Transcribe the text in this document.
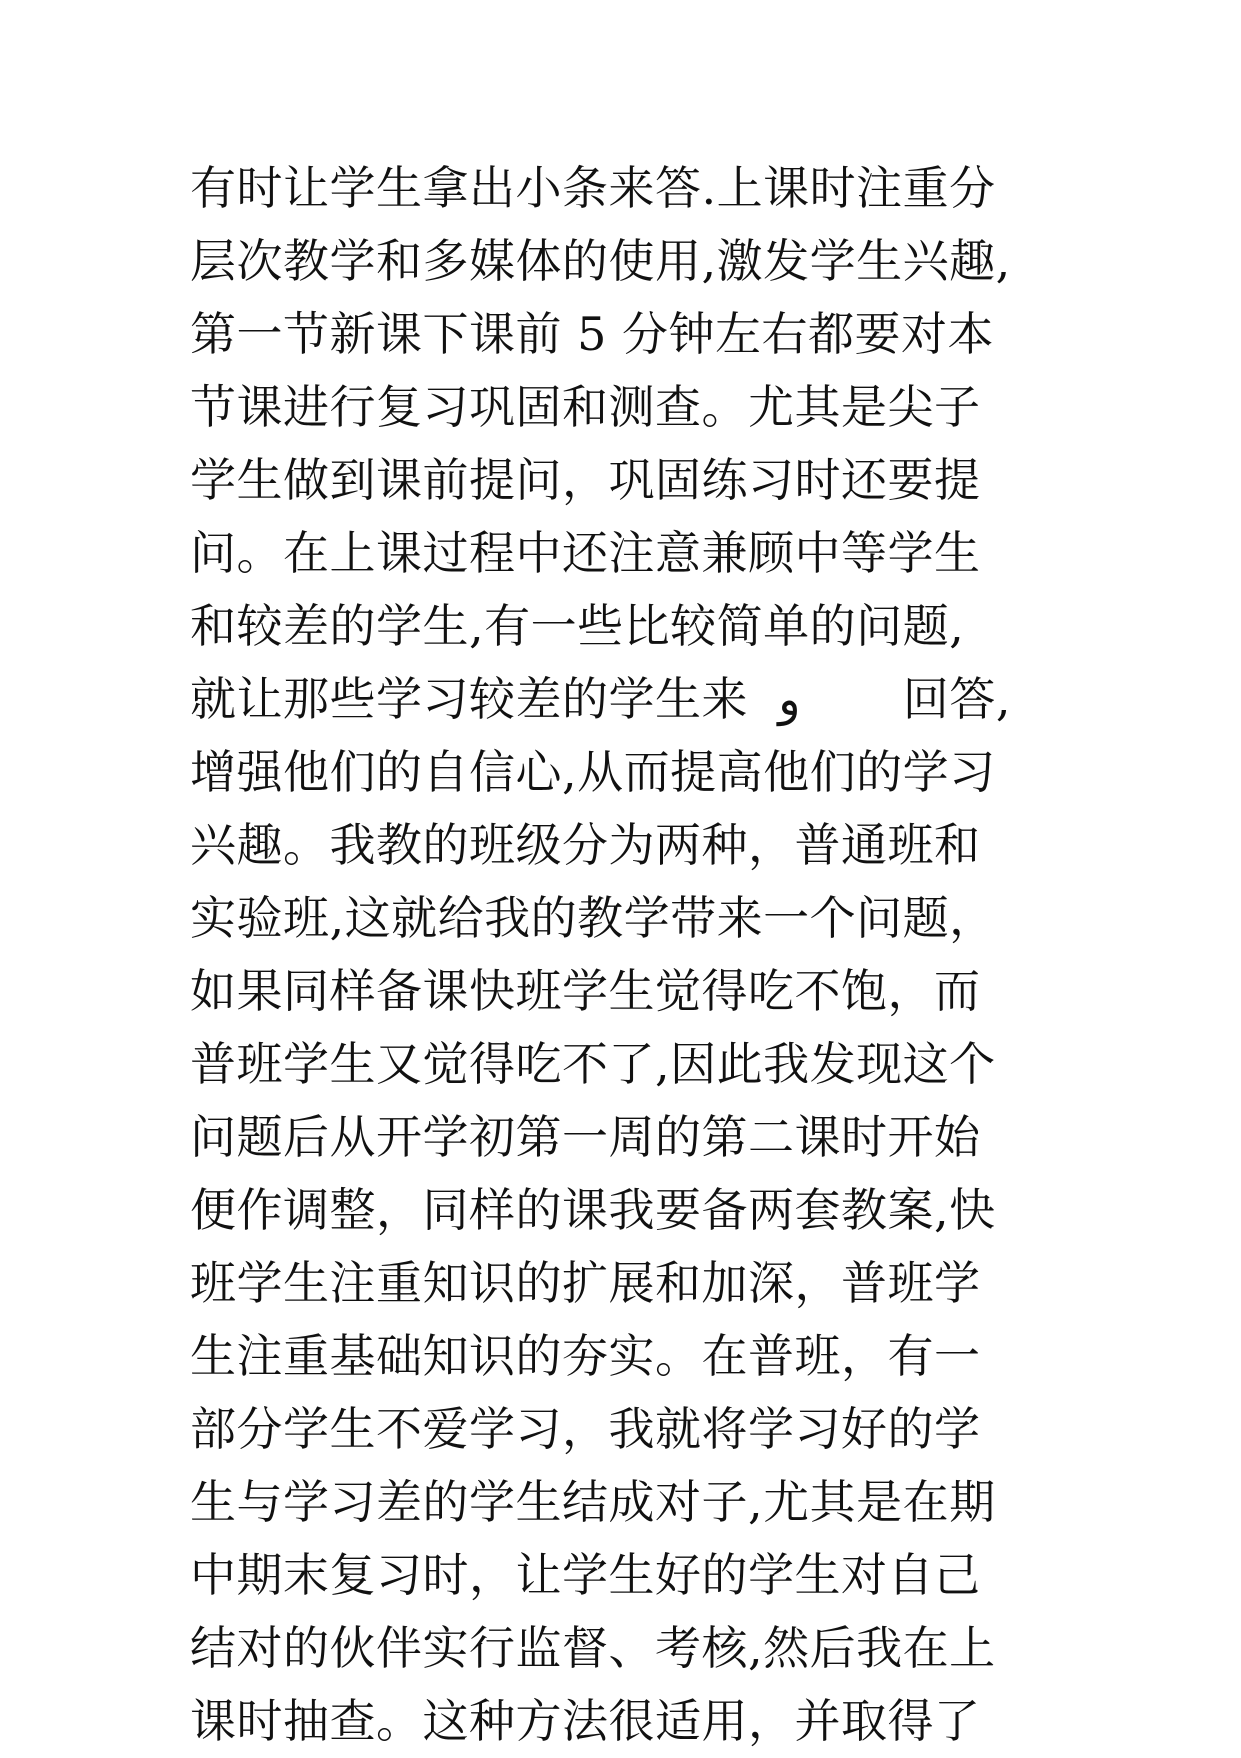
有时让学生拿出小条来答.上课时注重分
层次教学和多媒体的使用,激发学生兴趣,
第一节新课下课前 5 分钟左右都要对本
节课进行复习巩固和测查。尤其是尖子
学生做到课前提问，巩固练习时还要提
问。在上课过程中还注意兼顾中等学生
和较差的学生,有一些比较简单的问题,
就让那些学习较差的学生来  و       回答,
增强他们的自信心,从而提高他们的学习
兴趣。我教的班级分为两种，普通班和
实验班,这就给我的教学带来一个问题，
如果同样备课快班学生觉得吃不饱，而
普班学生又觉得吃不了,因此我发现这个
问题后从开学初第一周的第二课时开始
便作调整，同样的课我要备两套教案,快
班学生注重知识的扩展和加深，普班学
生注重基础知识的夯实。在普班，有一
部分学生不爱学习，我就将学习好的学
生与学习差的学生结成对子,尤其是在期
中期末复习时，让学生好的学生对自己
结对的伙伴实行监督、考核,然后我在上
课时抽查。这种方法很适用，并取得了
